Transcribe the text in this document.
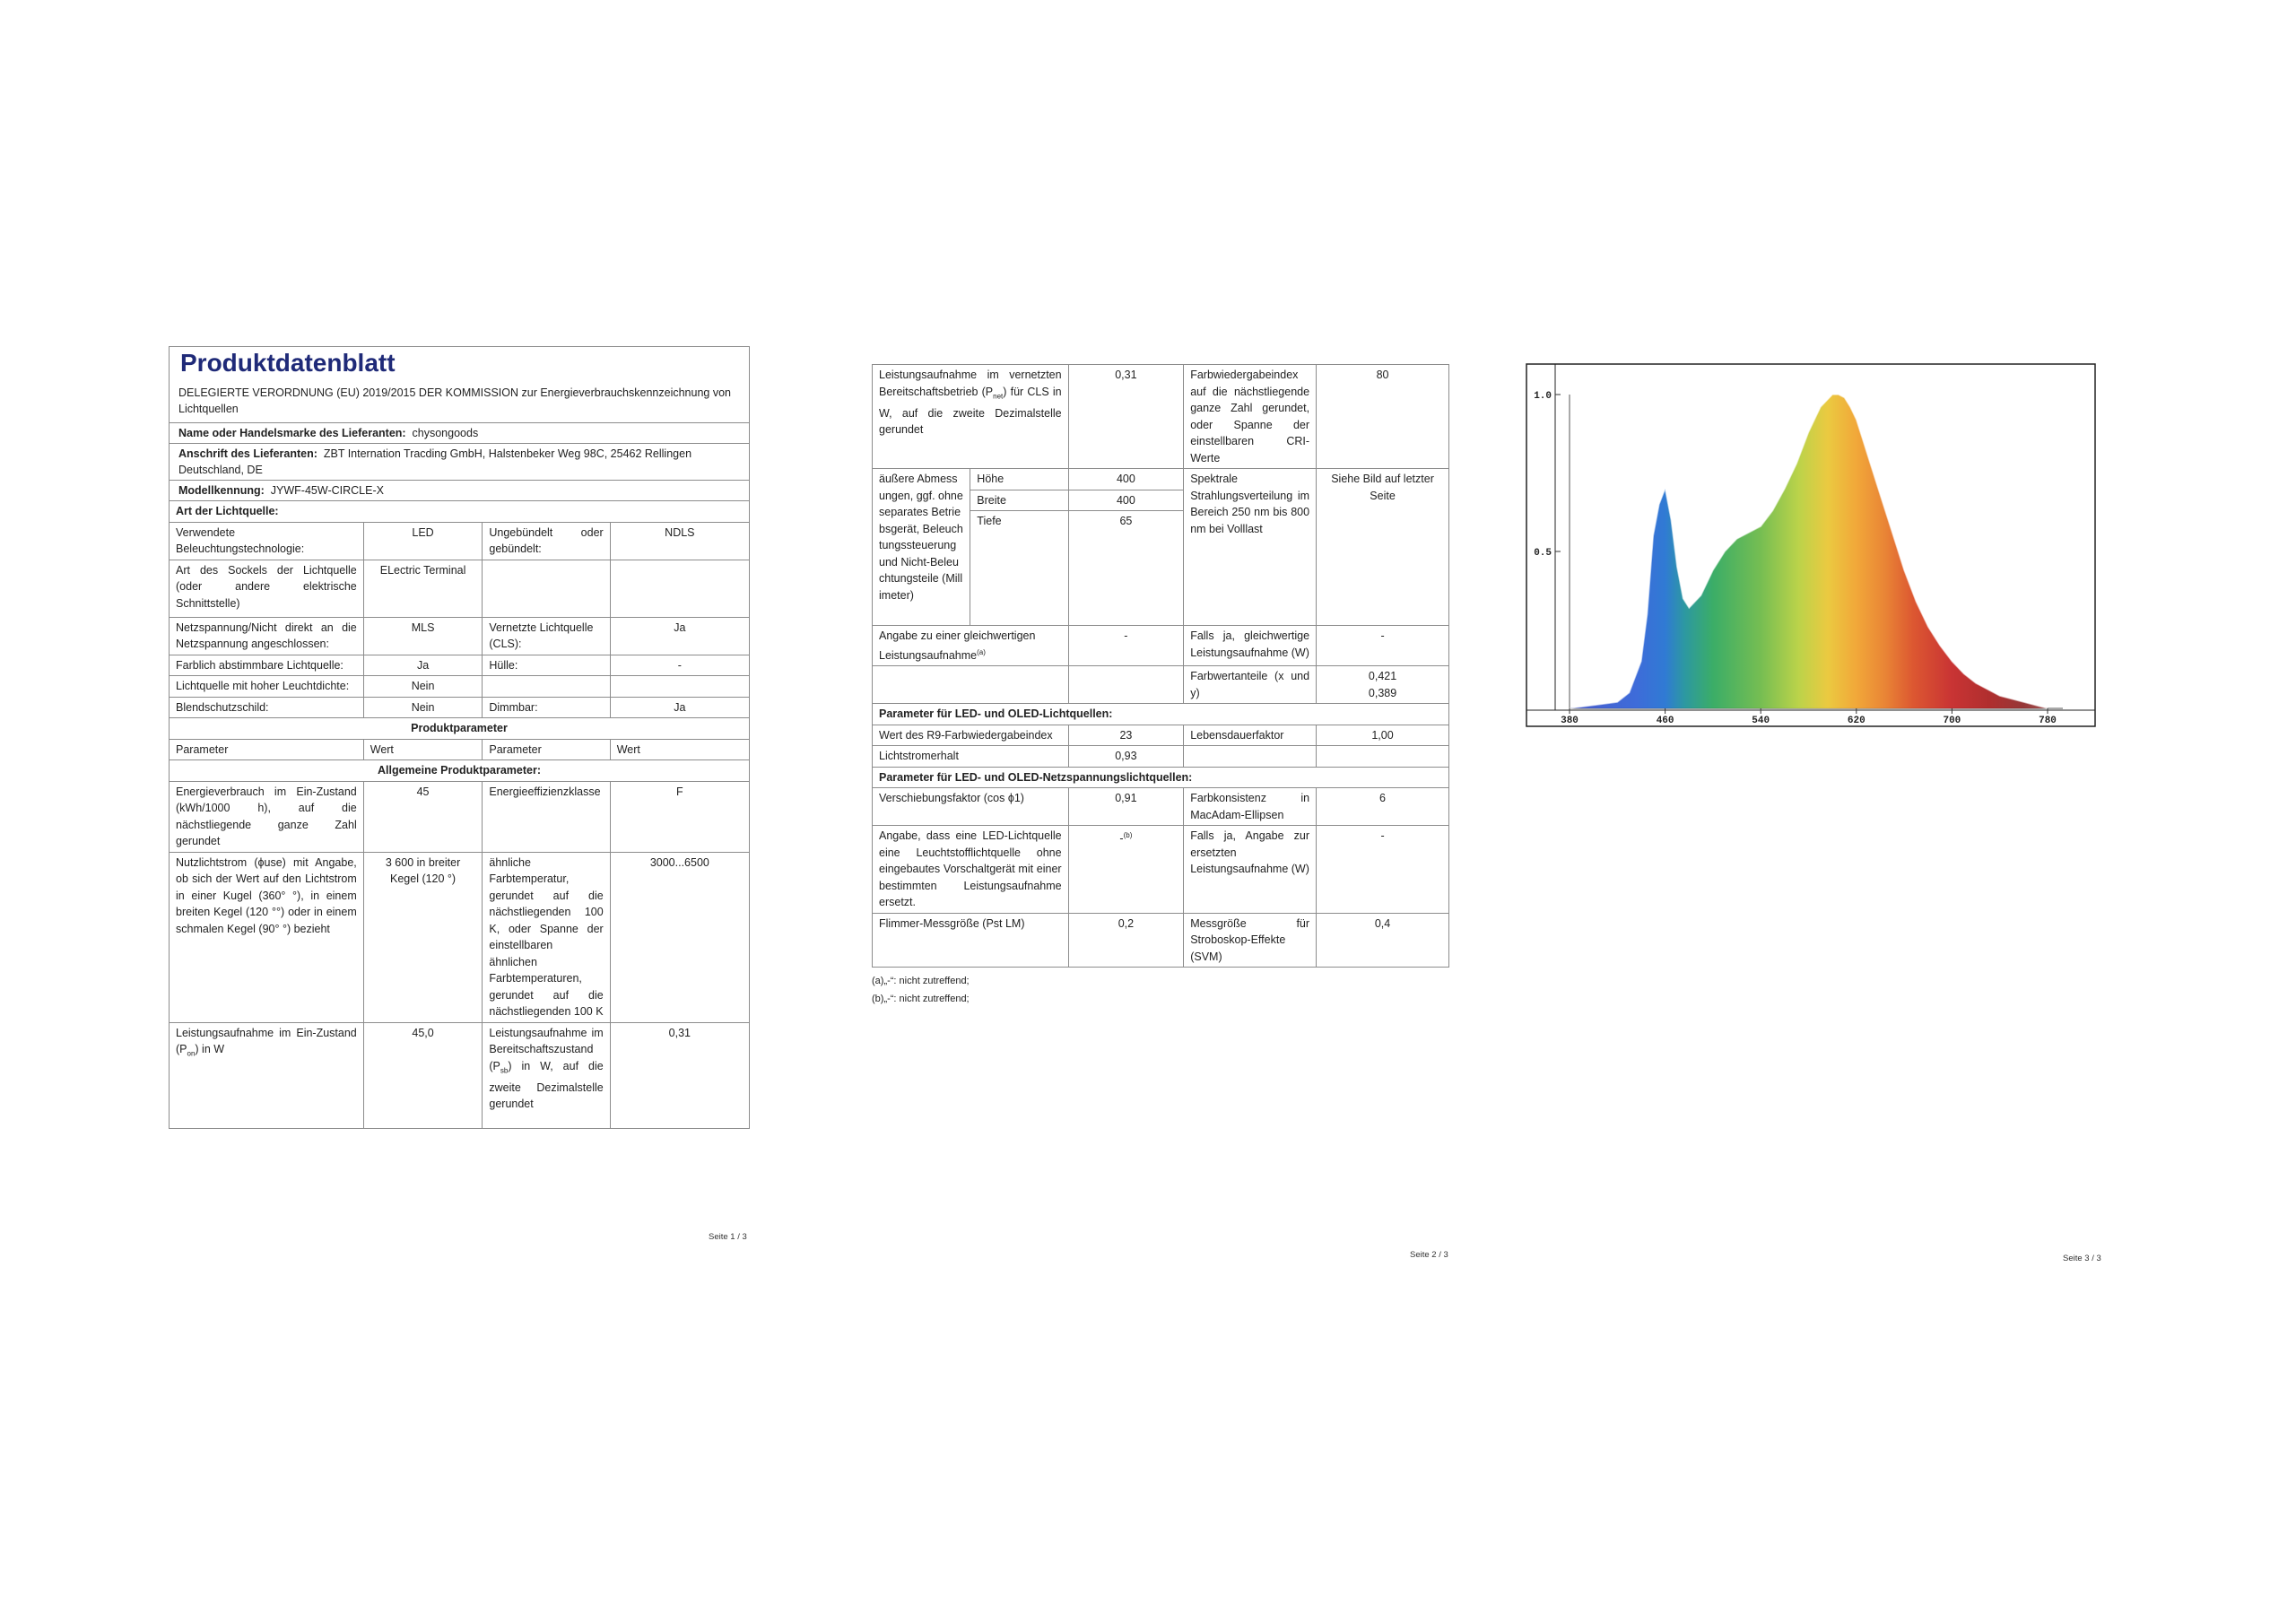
Produktdatenblatt
DELEGIERTE VERORDNUNG (EU) 2019/2015 DER KOMMISSION zur Energieverbrauchskennzeichnung von Lichtquellen
Name oder Handelsmarke des Lieferanten: chysongoods
Anschrift des Lieferanten: ZBT Internation Tracding GmbH, Halstenbeker Weg 98C, 25462 Rellingen Deutschland, DE
Modellkennung: JYWF-45W-CIRCLE-X
Art der Lichtquelle:			
Verwendete Beleuchtungstechnologie:	LED	Ungebündelt oder gebündelt:	NDLS
Art des Sockels der Lichtquelle (oder andere elektrische Schnittstelle)	ELectric Terminal		
Netzspannung/Nicht direkt an die Netzspannung angeschlossen:	MLS	Vernetzte Lichtquelle (CLS):	Ja
Farblich abstimmbare Lichtquelle:	Ja	Hülle:	-
Lichtquelle mit hoher Leuchtdichte:	Nein		
Blendschutzschild:	Nein	Dimmbar:	Ja
Produktparameter			
Parameter	Wert	Parameter	Wert
Allgemeine Produktparameter:			
Energieverbrauch im Ein-Zustand (kWh/1000 h), auf die nächstliegende ganze Zahl gerundet	45	Energieeffizienzklasse	F
Nutzlichtstrom (ϕuse) mit Angabe, ob sich der Wert auf den Lichtstrom in einer Kugel (360° °), in einem breiten Kegel (120 °°) oder in einem schmalen Kegel (90° °) bezieht	3 600 in breiter Kegel (120 °)	ähnliche Farbtemperatur, gerundet auf die nächstliegenden 100 K, oder Spanne der einstellbaren ähnlichen Farbtemperaturen, gerundet auf die nächstliegenden 100 K	3000...6500
Leistungsaufnahme im Ein-Zustand $(P_{on})$ in W	45,0	Leistungsaufnahme im Bereitschaftszustand $(P_{sb})$ in W, auf die zweite Dezimalstelle gerundet	0,31
Seite 1 / 3
Leistungsaufnahme im vernetzten Bereitschaftsbetrieb $(P_{net})$ für CLS in W, auf die zweite Dezimalstelle gerundet		0,31	Farbwiedergabeindex auf die nächstliegende ganze Zahl gerundet, oder Spanne der einstellbaren CRI-Werte	80
äußere Abmessungen, ggf. ohne separates Betriebsgerät, Beleuchtungssteuerung und Nicht-Beleuchtungsteile (Millimeter)	Höhe	400	Spektrale Strahlungsverteilung im Bereich 250 nm bis 800 nm bei Volllast	Siehe Bild auf letzter Seite
	Breite	400		
	Tiefe	65		
Angabe zu einer gleichwertigen Leistungsaufnahme$^{(a)}$		-	Falls ja, gleichwertige Leistungsaufnahme (W)	-
			Farbwertanteile (x und y)	0,421
0,389

Parameter für LED- und OLED-Lichtquellen:				
Wert des R9-Farbwiedergabeindex		23	Lebensdauerfaktor	1,00
Lichtstromerhalt		0,93		
Parameter für LED- und OLED-Netzspannungslichtquellen:				
Verschiebungsfaktor (cos ϕ1)		0,91	Farbkonsistenz in MacAdam-Ellipsen	6
Angabe, dass eine LED-Lichtquelle eine Leuchtstofflichtquelle ohne eingebautes Vorschaltgerät mit einer bestimmten Leistungsaufnahme ersetzt.		-$^{(b)}$	Falls ja, Angabe zur ersetzten Leistungsaufnahme (W)	-
Flimmer-Messgröße (Pst LM)		0,2	Messgröße für Stroboskop-Effekte (SVM)	0,4
(a)„-“: nicht zutreffend;
(b)„-“: nicht zutreffend;
Seite 2 / 3
380	460	540	620	700	780
1.0
0.5
Seite 3 / 3
